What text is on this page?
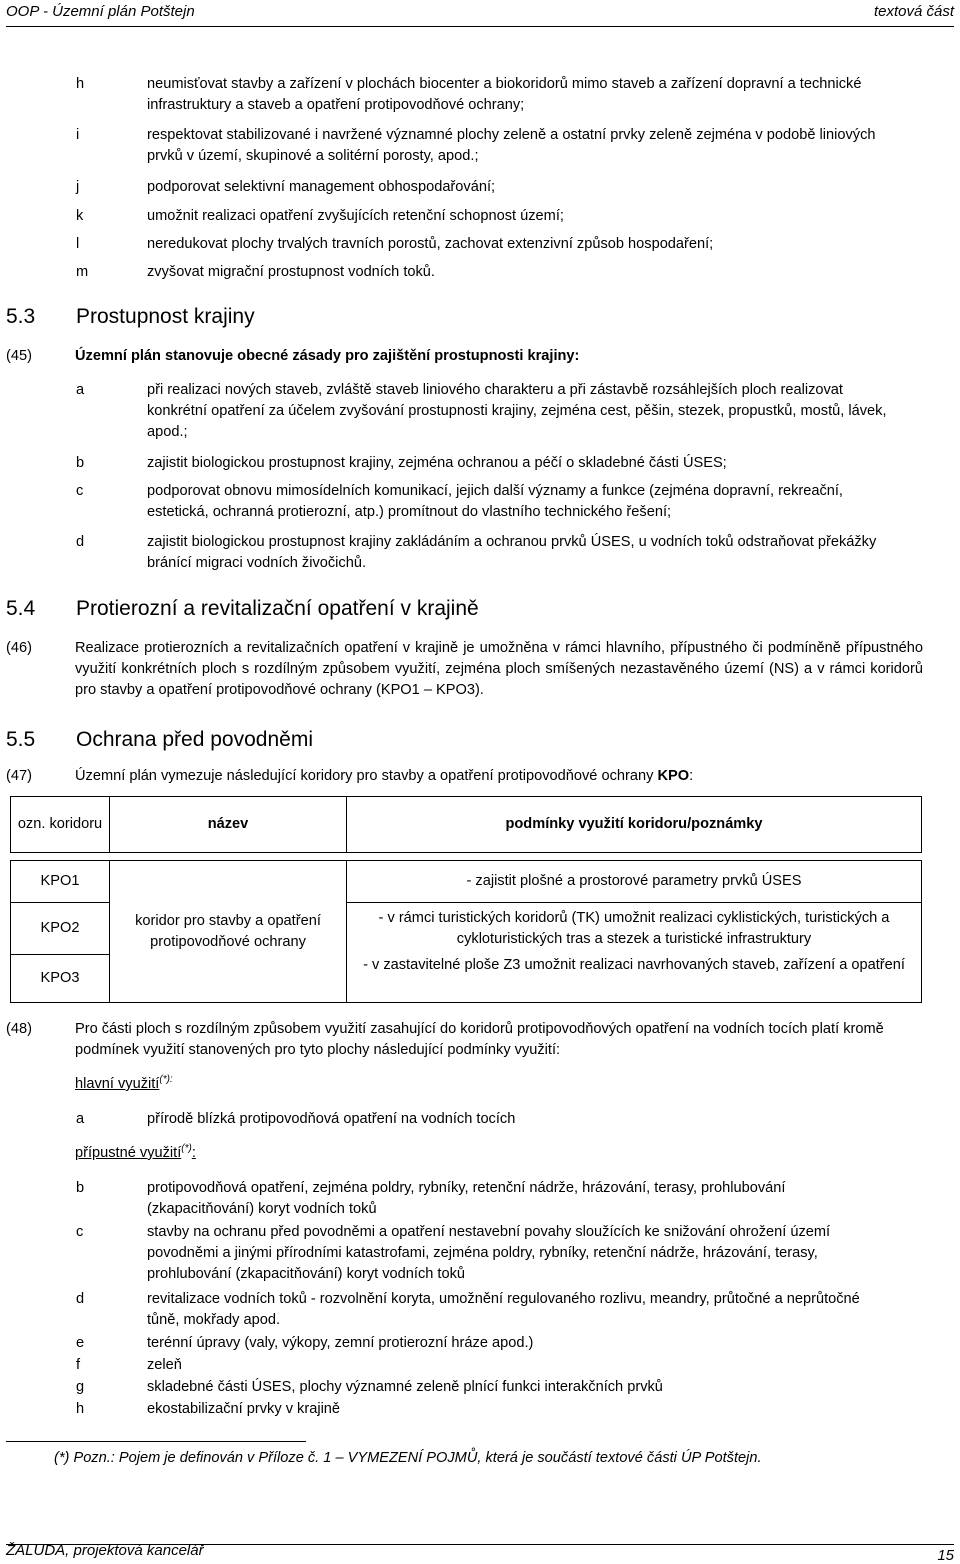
OOP - Územní plán Potštejn	textová část
h	neumisťovat stavby a zařízení v plochách biocenter a biokoridorů mimo staveb a zařízení dopravní a technické infrastruktury a staveb a opatření protipovodňové ochrany;
i	respektovat stabilizované i navržené významné plochy zeleně a ostatní prvky zeleně zejména v podobě liniových prvků v území, skupinové a solitérní porosty, apod.;
j	podporovat selektivní management obhospodařování;
k	umožnit realizaci opatření zvyšujících retenční schopnost území;
l	neredukovat plochy trvalých travních porostů, zachovat extenzivní způsob hospodaření;
m	zvyšovat migrační prostupnost vodních toků.
5.3 Prostupnost krajiny
(45)	Územní plán stanovuje obecné zásady pro zajištění prostupnosti krajiny:
a	při realizaci nových staveb, zvláště staveb liniového charakteru a při zástavbě rozsáhlejších ploch realizovat konkrétní opatření za účelem zvyšování prostupnosti krajiny, zejména cest, pěšin, stezek, propustků, mostů, lávek, apod.;
b	zajistit biologickou prostupnost krajiny, zejména ochranou a péčí o skladebné části ÚSES;
c	podporovat obnovu mimosídelních komunikací, jejich další významy a funkce (zejména dopravní, rekreační, estetická, ochranná protierozní, atp.) promítnout do vlastního technického řešení;
d	zajistit biologickou prostupnost krajiny zakládáním a ochranou prvků ÚSES, u vodních toků odstraňovat překážky bránící migraci vodních živočichů.
5.4 Protierozní a revitalizační opatření v krajině
(46)	Realizace protierozních a revitalizačních opatření v krajině je umožněna v rámci hlavního, přípustného či podmíněně přípustného využití konkrétních ploch s rozdílným způsobem využití, zejména ploch smíšených nezastavěného území (NS) a v rámci koridorů pro stavby a opatření protipovodňové ochrany (KPO1 – KPO3).
5.5 Ochrana před povodněmi
(47)	Územní plán vymezuje následující koridory pro stavby a opatření protipovodňové ochrany KPO:
(48)	Pro části ploch s rozdílným způsobem využití zasahující do koridorů protipovodňových opatření na vodních tocích platí kromě podmínek využití stanovených pro tyto plochy následující podmínky využití:
hlavní využití(*):
a	přírodě blízká protipovodňová opatření na vodních tocích
přípustné využití(*):
b	protipovodňová opatření, zejména poldry, rybníky, retenční nádrže, hrázování, terasy, prohlubování (zkapacitňování) koryt vodních toků
c	stavby na ochranu před povodněmi a opatření nestavební povahy sloužících ke snižování ohrožení území povodněmi a jinými přírodními katastrofami, zejména poldry, rybníky, retenční nádrže, hrázování, terasy, prohlubování (zkapacitňování) koryt vodních toků
d	revitalizace vodních toků - rozvolnění koryta, umožnění regulovaného rozlivu, meandry, průtočné a neprůtočné tůně, mokřady apod.
e	terénní úpravy (valy, výkopy, zemní protierozní hráze apod.)
f	zeleň
g	skladebné části ÚSES, plochy významné zeleně plnící funkci interakčních prvků
h	ekostabilizační prvky v krajině
ozn. koridoru	název	podmínky využití koridoru/poznámky

KPO1	koridor pro stavby a opatření protipovodňové ochrany	- zajistit plošné a prostorové parametry prvků ÚSES
KPO2		- v rámci turistických koridorů (TK) umožnit realizaci cyklistických, turistických a cykloturistických tras a stezek a turistické infrastruktury
KPO3		- v zastavitelné ploše Z3 umožnit realizaci navrhovaných staveb, zařízení a opatření
(*) Pozn.: Pojem je definován v Příloze č. 1 – VYMEZENÍ POJMŮ, která je součástí textové části ÚP Potštejn.
ŽALUDA, projektová kancelář	15
